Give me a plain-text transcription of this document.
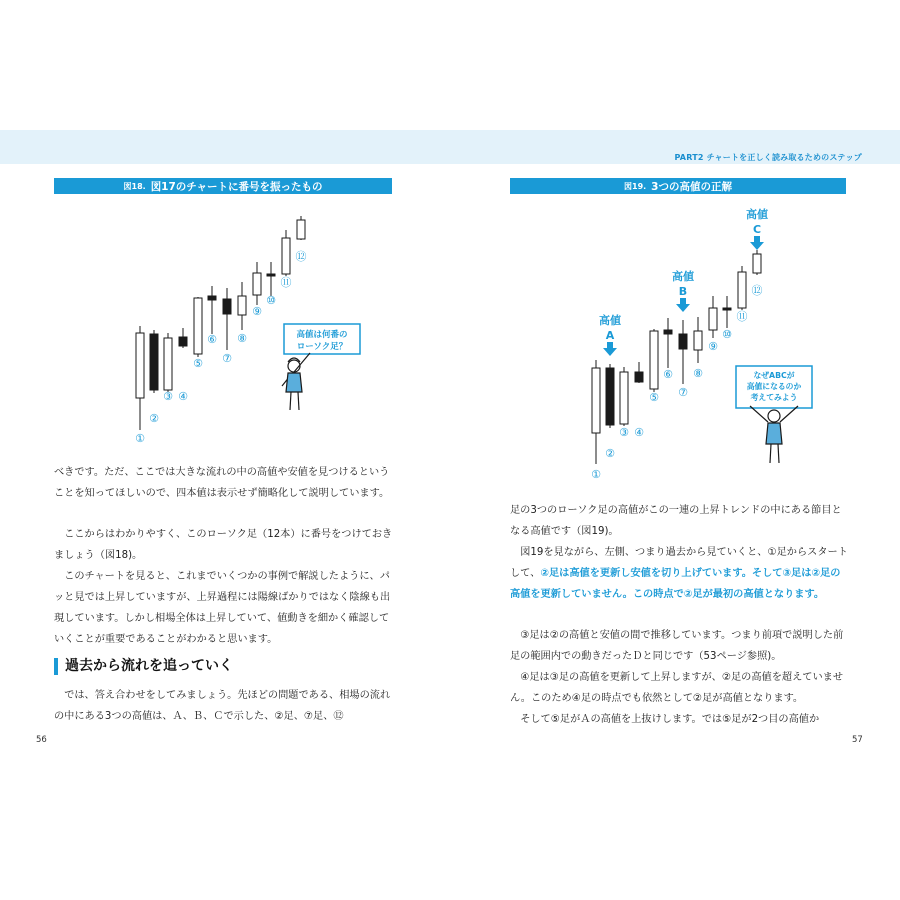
PART2 チャートを正しく読み取るためのステップ
図18. 図17のチャートに番号を振ったもの
①
②
③ ④
⑤
⑥
⑦
⑧
⑨
⑩
⑪
⑫
高値は何番の
ローソク足？

べきです。ただ、ここでは大きな流れの中の高値や安値を見つけるということを知ってほしいので、四本値は表示せず簡略化して説明しています。

ここからはわかりやすく、このローソク足（12本）に番号をつけておきましょう（図18)。

このチャートを見ると、これまでいくつかの事例で解説したように、パッと見では上昇していますが、上昇過程には陽線ばかりではなく陰線も出現しています。しかし相場全体は上昇していて、値動きを細かく確認していくことが重要であることがわかると思います。

過去から流れを追っていく

では、答え合わせをしてみましょう。先ほどの問題である、相場の流れの中にある3つの高値は、Ａ、Ｂ、Ｃで示した、②足、⑦足、⑫

56
図19. 3つの高値の正解
①
②
③ ④
⑤
⑥
⑦
⑧
⑨
⑩
⑪
⑫
高値
A
高値
B
高値
C
なぜABCが
高値になるのか
考えてみよう

足の3つのローソク足の高値がこの一連の上昇トレンドの中にある節目となる高値です（図19)。

図19を見ながら、左側、つまり過去から見ていくと、①足からスタートして、②足は高値を更新し安値を切り上げています。そして③足は②足の高値を更新していません。この時点で②足が最初の高値となります。

③足は②の高値と安値の間で推移しています。つまり前項で説明した前足の範囲内での動きだったＤと同じです（53ページ参照)。

④足は③足の高値を更新して上昇しますが、②足の高値を超えていません。このため④足の時点でも依然として②足が高値となります。

そして⑤足がＡの高値を上抜けします。では⑤足が2つ目の高値か

57
